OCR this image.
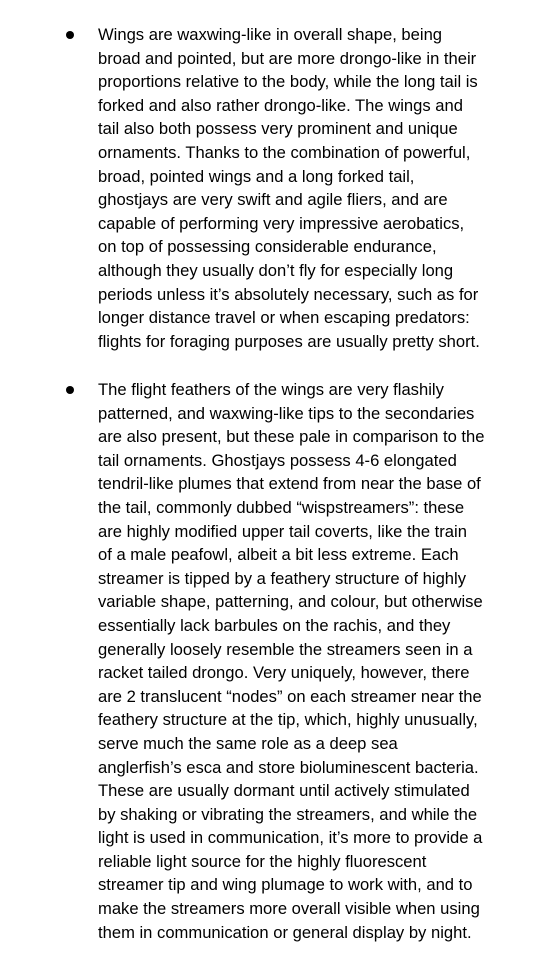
Wings are waxwing-like in overall shape, being
broad and pointed, but are more drongo-like in their
proportions relative to the body, while the long tail is
forked and also rather drongo-like. The wings and
tail also both possess very prominent and unique
ornaments. Thanks to the combination of powerful,
broad, pointed wings and a long forked tail,
ghostjays are very swift and agile fliers, and are
capable of performing very impressive aerobatics,
on top of possessing considerable endurance,
although they usually don’t fly for especially long
periods unless it’s absolutely necessary, such as for
longer distance travel or when escaping predators:
flights for foraging purposes are usually pretty short.
The flight feathers of the wings are very flashily
patterned, and waxwing-like tips to the secondaries
are also present, but these pale in comparison to the
tail ornaments. Ghostjays possess 4-6 elongated
tendril-like plumes that extend from near the base of
the tail, commonly dubbed “wispstreamers”: these
are highly modified upper tail coverts, like the train
of a male peafowl, albeit a bit less extreme. Each
streamer is tipped by a feathery structure of highly
variable shape, patterning, and colour, but otherwise
essentially lack barbules on the rachis, and they
generally loosely resemble the streamers seen in a
racket tailed drongo. Very uniquely, however, there
are 2 translucent “nodes” on each streamer near the
feathery structure at the tip, which, highly unusually,
serve much the same role as a deep sea
anglerfish’s esca and store bioluminescent bacteria.
These are usually dormant until actively stimulated
by shaking or vibrating the streamers, and while the
light is used in communication, it’s more to provide a
reliable light source for the highly fluorescent
streamer tip and wing plumage to work with, and to
make the streamers more overall visible when using
them in communication or general display by night.
